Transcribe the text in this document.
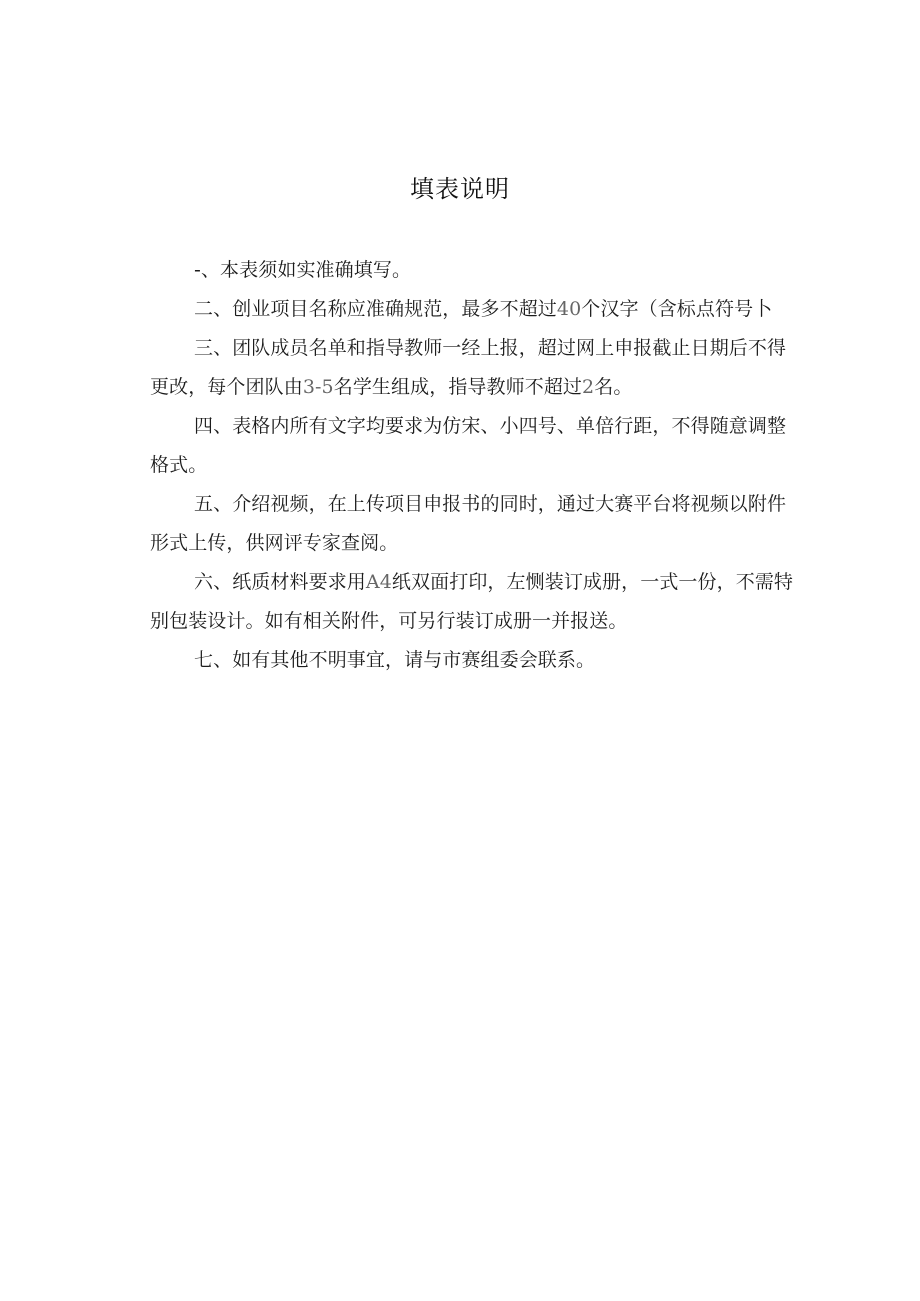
填表说明

-、本表须如实准确填写。

二、创业项目名称应准确规范，最多不超过40个汉字（含标点符号卜

三、团队成员名单和指导教师一经上报，超过网上申报截止日期后不得更改，每个团队由3-5名学生组成，指导教师不超过2名。

四、表格内所有文字均要求为仿宋、小四号、单倍行距，不得随意调整格式。

五、介绍视频，在上传项目申报书的同时，通过大赛平台将视频以附件形式上传，供网评专家查阅。

六、纸质材料要求用A4纸双面打印，左恻装订成册，一式一份，不需特别包装设计。如有相关附件，可另行装订成册一并报送。

七、如有其他不明事宜，请与市赛组委会联系。
